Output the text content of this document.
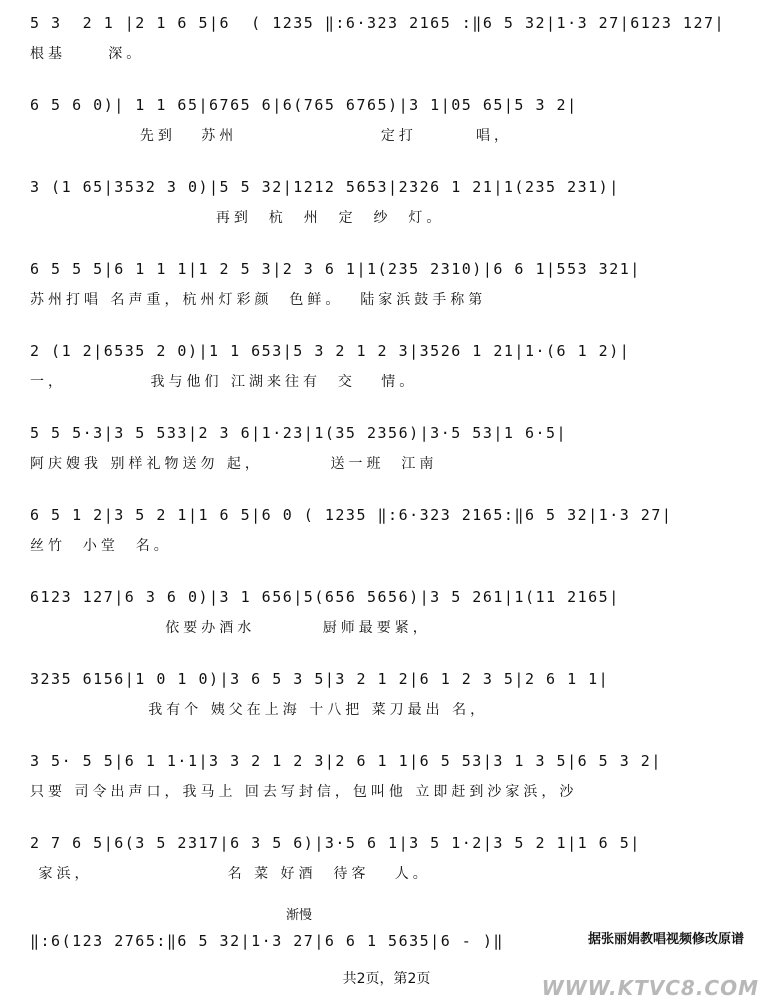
5 3  2 1 |2 1 6 5|6  ( 1235 ‖:6·323 2165 :‖6 5 32|1·3 27|6123 127|
根基     深。
6 5 6 0)| 1 1 65|6765 6|6(765 6765)|3 1|05 65|5 3 2|
先到   苏州                 定打       唱，
3 (1 65|3532 3 0)|5 5 32|1212 5653|2326 1 21|1(235 231)|
再到  杭  州  定  纱  灯。
6 5 5 5|6 1 1 1|1 2 5 3|2 3 6 1|1(235 2310)|6 6 1|553 321|
苏州打唱 名声重，杭州灯彩颜  色鲜。  陆家浜鼓手称第
2 (1 2|6535 2 0)|1 1 653|5 3 2 1 2 3|3526 1 21|1·(6 1 2)|
一，          我与他们 江湖来往有  交   情。
5 5 5·3|3 5 533|2 3 6|1·23|1(35 2356)|3·5 53|1 6·5|
阿庆嫂我 别样礼物送勿 起，        送一班  江南
6 5 1 2|3 5 2 1|1 6 5|6 0 ( 1235 ‖:6·323 2165:‖6 5 32|1·3 27|
丝竹  小堂  名。
6123 127|6 3 6 0)|3 1 656|5(656 5656)|3 5 261|1(11 2165|
依要办酒水        厨师最要紧，
3235 6156|1 0 1 0)|3 6 5 3 5|3 2 1 2|6 1 2 3 5|2 6 1 1|
我有个 姨父在上海 十八把 菜刀最出 名，
3 5· 5 5|6 1 1·1|3 3 2 1 2 3|2 6 1 1|6 5 53|3 1 3 5|6 5 3 2|
只要 司令出声口，我马上 回去写封信，包叫他 立即赶到沙家浜，沙
2 7 6 5|6(3 5 2317|6 3 5 6)|3·5 6 1|3 5 1·2|3 5 2 1|1 6 5|
家浜，                名 菜 好酒  待客   人。
渐慢
‖:6(123 2765:‖6 5 32|1·3 27|6 6 1 5635|6 - )‖	据张丽娟教唱视频修改原谱
共2页，第2页	WWW.KTVC8.COM
